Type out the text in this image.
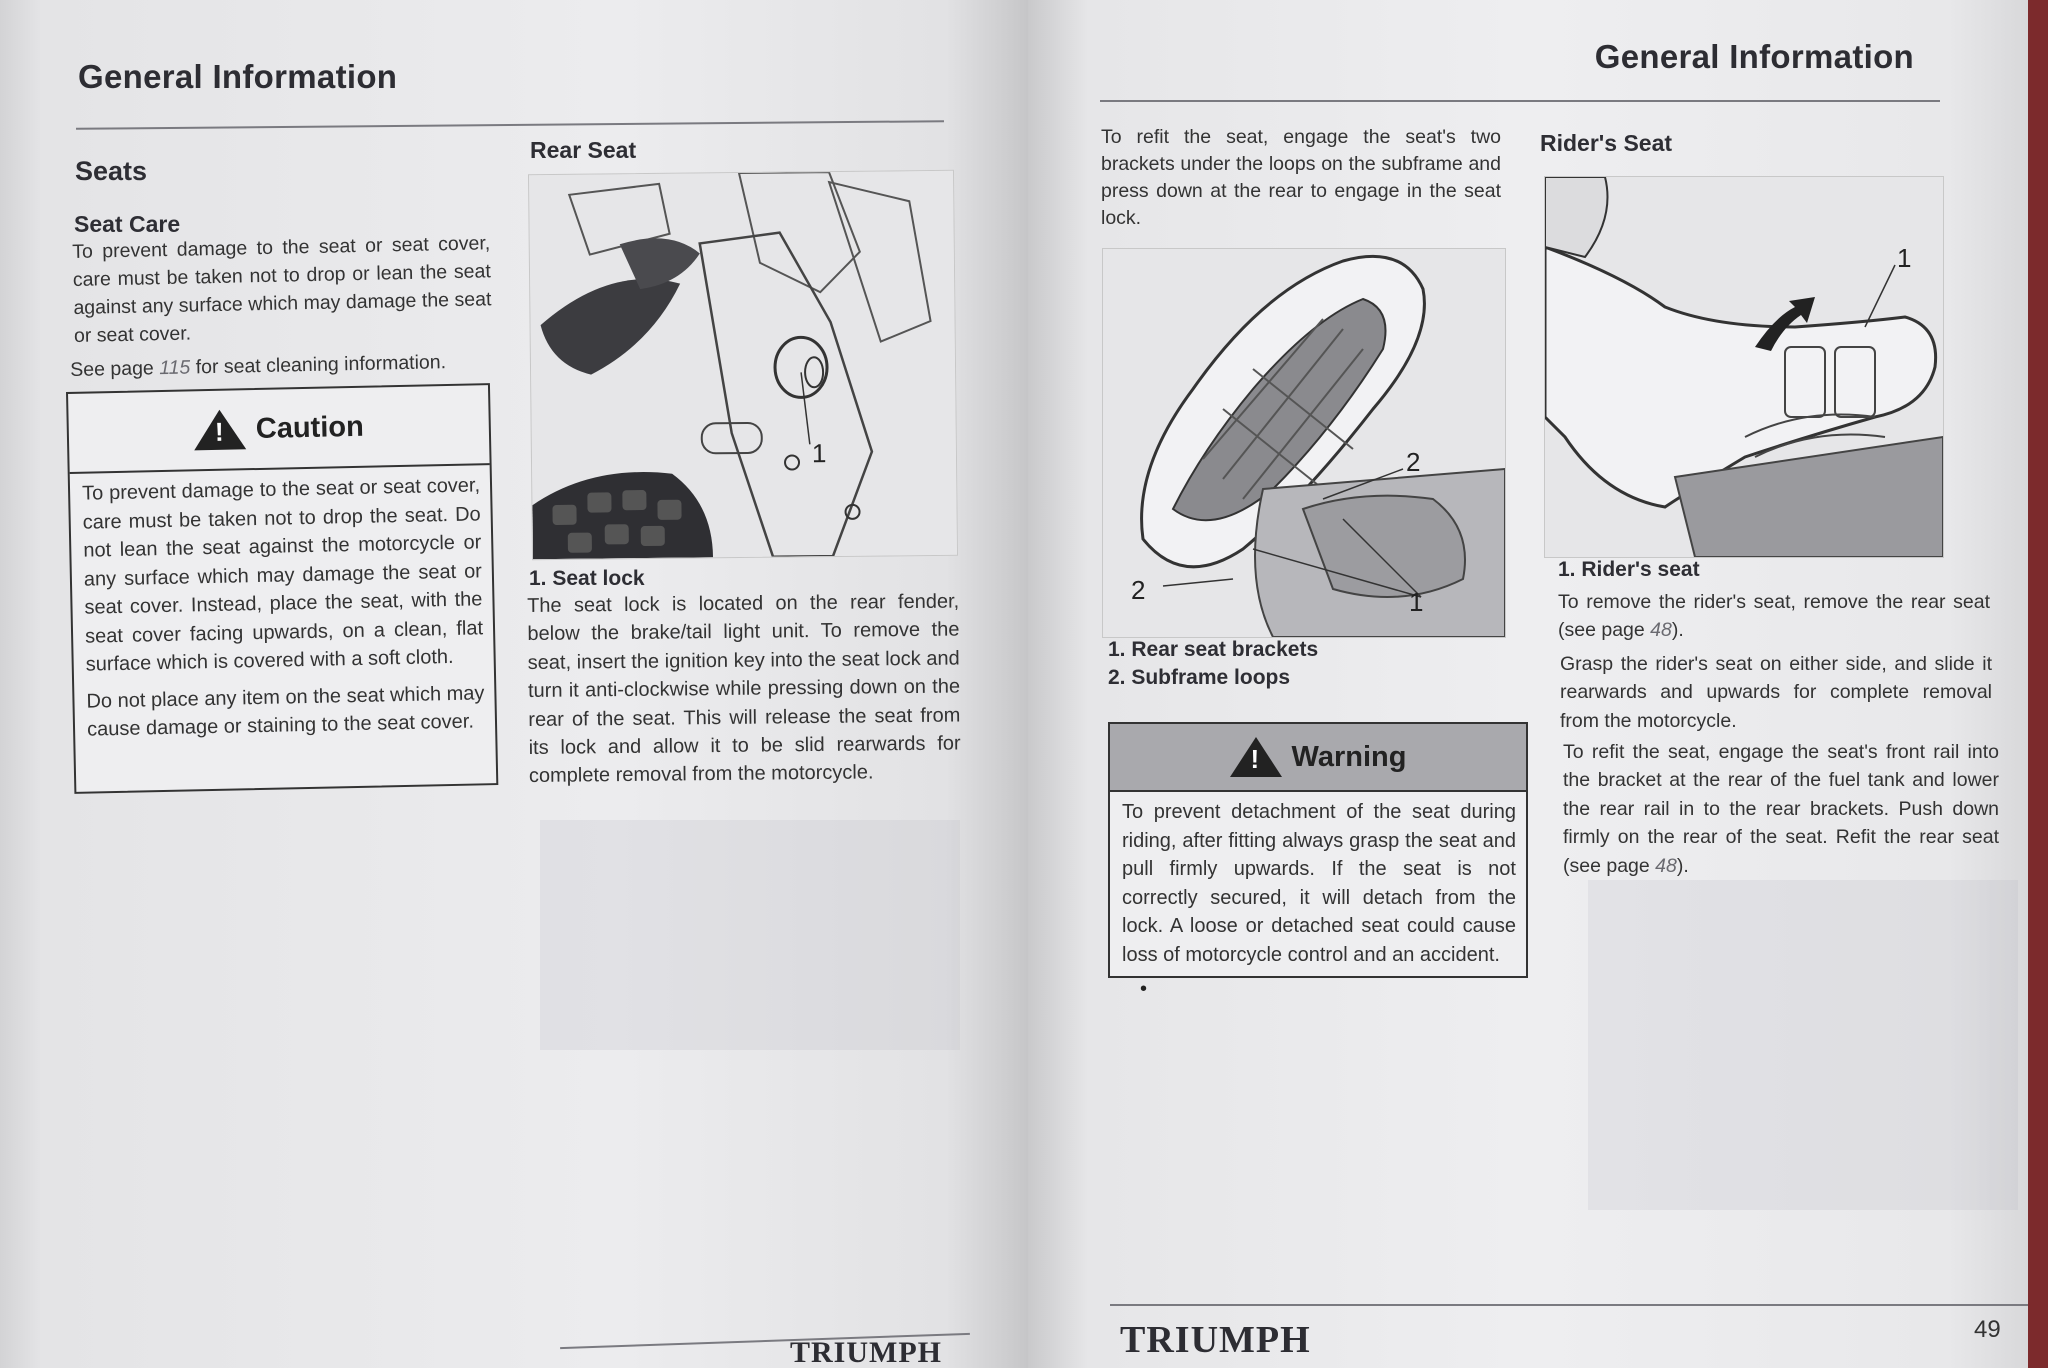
General Information
Seats
Seat Care
To prevent damage to the seat or seat cover, care must be taken not to drop or lean the seat against any surface which may damage the seat or seat cover.
See page 115 for seat cleaning information.
!
Caution
To prevent damage to the seat or seat cover, care must be taken not to drop the seat. Do not lean the seat against the motorcycle or any surface which may damage the seat or seat cover. Instead, place the seat, with the seat cover facing upwards, on a clean, flat surface which is covered with a soft cloth.
Do not place any item on the seat which may cause damage or staining to the seat cover.
Rear Seat
1
1. Seat lock
The seat lock is located on the rear fender, below the brake/tail light unit. To remove the seat, insert the ignition key into the seat lock and turn it anti-clockwise while pressing down on the rear of the seat. This will release the seat from its lock and allow it to be slid rearwards for complete removal from the motorcycle.
TRIUMPH
General Information
To refit the seat, engage the seat's two brackets under the loops on the subframe and press down at the rear to engage in the seat lock.
2
2
1
1. Rear seat brackets
2. Subframe loops
!
Warning
To prevent detachment of the seat during riding, after fitting always grasp the seat and pull firmly upwards. If the seat is not correctly secured, it will detach from the lock. A loose or detached seat could cause loss of motorcycle control and an accident.
•
Rider's Seat
1
1. Rider's seat
To remove the rider's seat, remove the rear seat (see page 48).
Grasp the rider's seat on either side, and slide it rearwards and upwards for complete removal from the motorcycle.
To refit the seat, engage the seat's front rail into the bracket at the rear of the fuel tank and lower the rear rail in to the rear brackets. Push down firmly on the rear of the seat. Refit the rear seat (see page 48).
TRIUMPH	49
